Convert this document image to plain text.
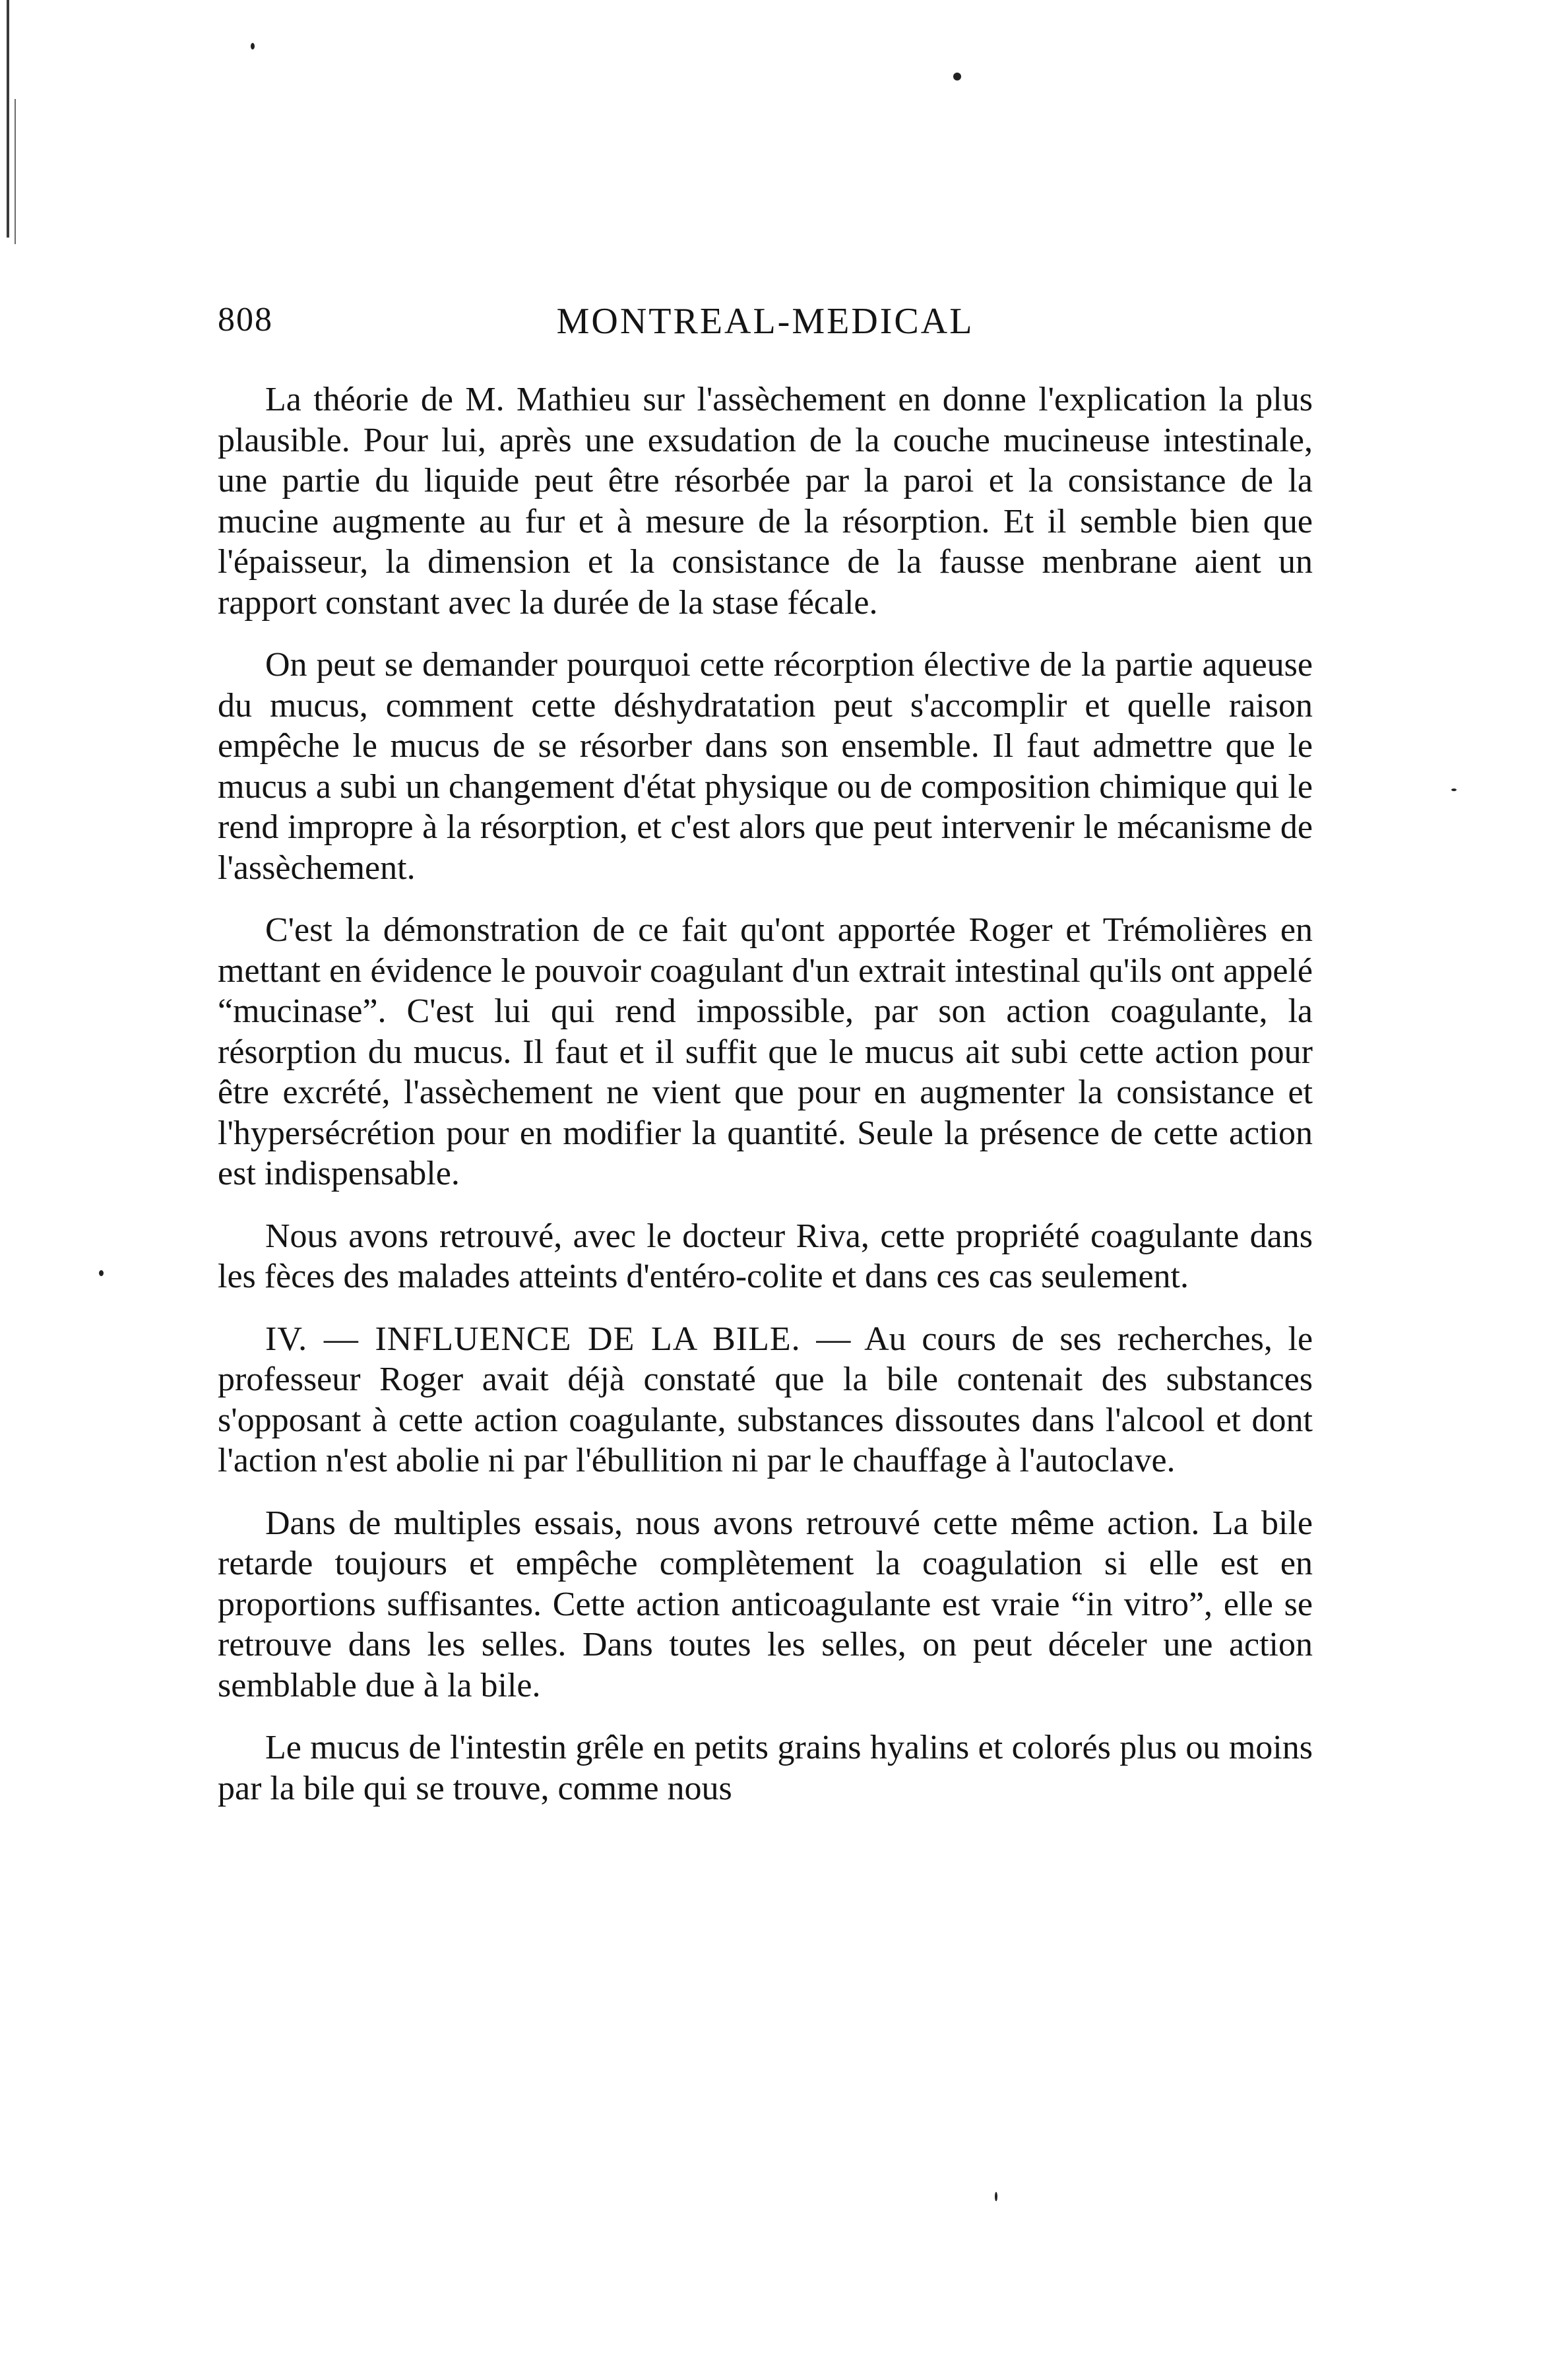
808	MONTREAL-MEDICAL

La théorie de M. Mathieu sur l'assèchement en donne l'explication la plus plausible. Pour lui, après une exsudation de la couche mucineuse intestinale, une partie du liquide peut être résorbée par la paroi et la consistance de la mucine augmente au fur et à mesure de la résorption. Et il semble bien que l'épaisseur, la dimension et la consistance de la fausse menbrane aient un rapport constant avec la durée de la stase fécale.

On peut se demander pourquoi cette récorption élective de la partie aqueuse du mucus, comment cette déshydratation peut s'accomplir et quelle raison empêche le mucus de se résorber dans son ensemble. Il faut admettre que le mucus a subi un changement d'état physique ou de composition chimique qui le rend impropre à la résorption, et c'est alors que peut intervenir le mécanisme de l'assèchement.

C'est la démonstration de ce fait qu'ont apportée Roger et Trémolières en mettant en évidence le pouvoir coagulant d'un extrait intestinal qu'ils ont appelé “mucinase”. C'est lui qui rend impossible, par son action coagulante, la résorption du mucus. Il faut et il suffit que le mucus ait subi cette action pour être excrété, l'assèchement ne vient que pour en augmenter la consistance et l'hypersécrétion pour en modifier la quantité. Seule la présence de cette action est indispensable.

Nous avons retrouvé, avec le docteur Riva, cette propriété coagulante dans les fèces des malades atteints d'entéro-colite et dans ces cas seulement.

IV. — INFLUENCE DE LA BILE. — Au cours de ses recherches, le professeur Roger avait déjà constaté que la bile contenait des substances s'opposant à cette action coagulante, substances dissoutes dans l'alcool et dont l'action n'est abolie ni par l'ébullition ni par le chauffage à l'autoclave.

Dans de multiples essais, nous avons retrouvé cette même action. La bile retarde toujours et empêche complètement la coagulation si elle est en proportions suffisantes. Cette action anticoagulante est vraie “in vitro”, elle se retrouve dans les selles. Dans toutes les selles, on peut déceler une action semblable due à la bile.

Le mucus de l'intestin grêle en petits grains hyalins et colorés plus ou moins par la bile qui se trouve, comme nous
